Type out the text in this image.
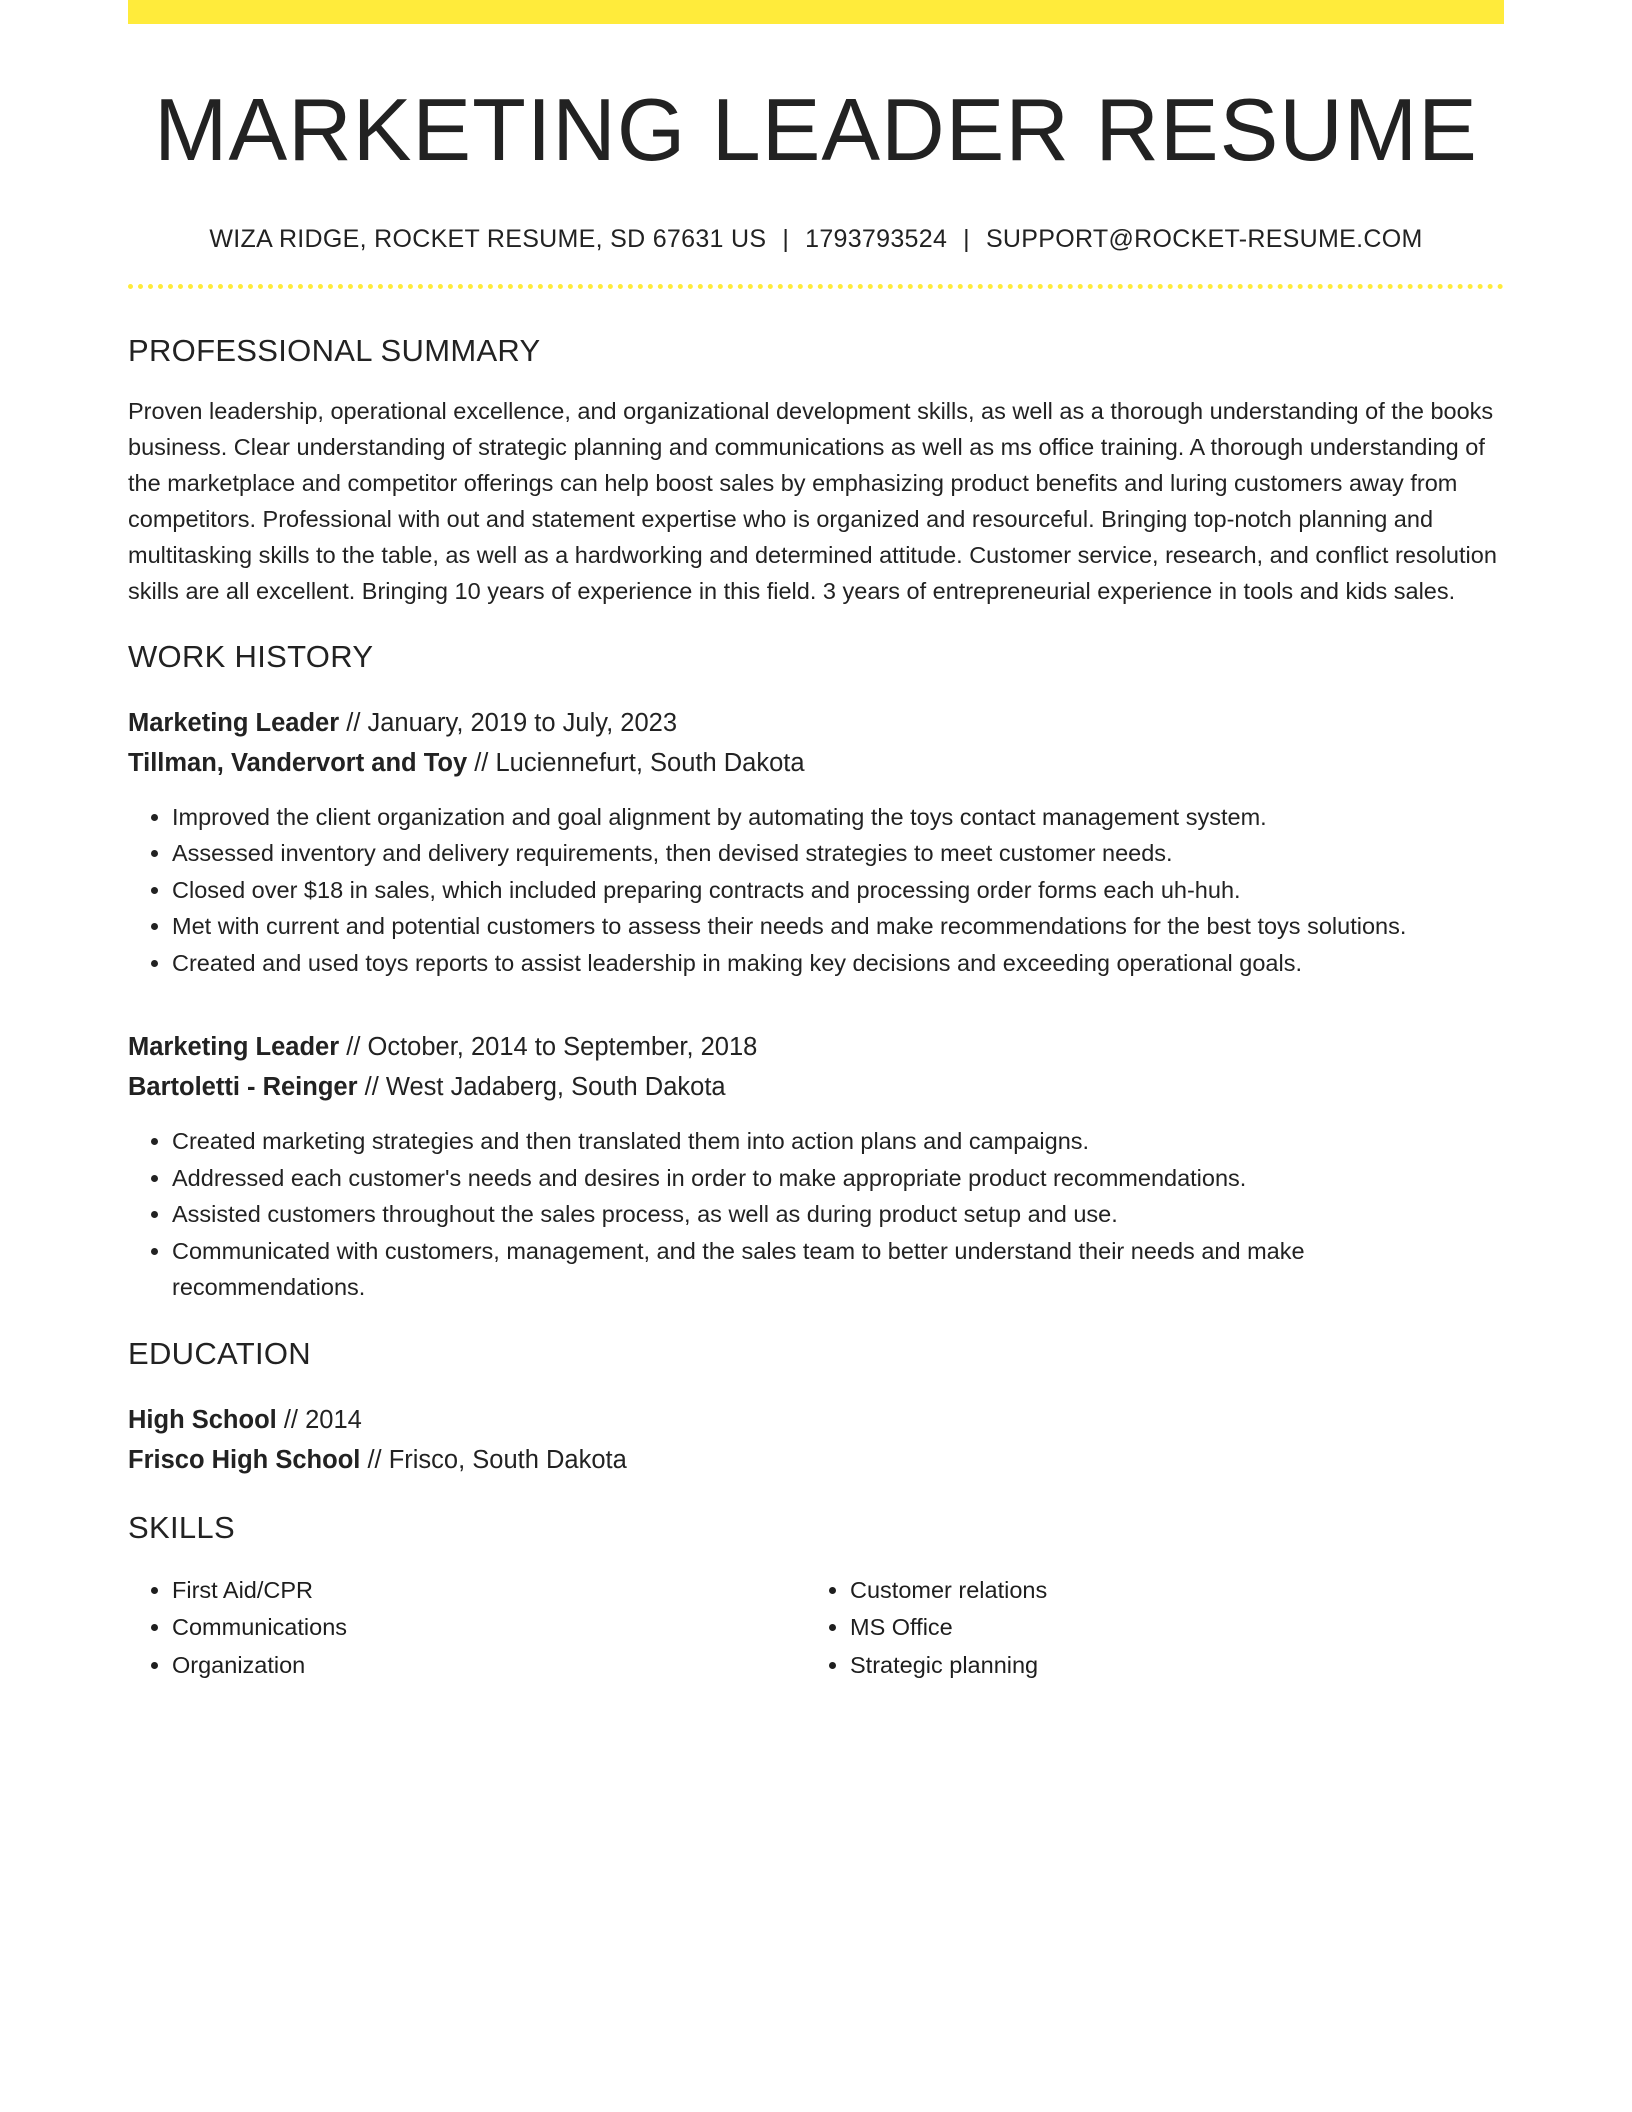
MARKETING LEADER RESUME
WIZA RIDGE, ROCKET RESUME, SD 67631 US | 1793793524 | SUPPORT@ROCKET-RESUME.COM
PROFESSIONAL SUMMARY

Proven leadership, operational excellence, and organizational development skills, as well as a thorough understanding of the books business. Clear understanding of strategic planning and communications as well as ms office training. A thorough understanding of the marketplace and competitor offerings can help boost sales by emphasizing product benefits and luring customers away from competitors. Professional with out and statement expertise who is organized and resourceful. Bringing top-notch planning and multitasking skills to the table, as well as a hardworking and determined attitude. Customer service, research, and conflict resolution skills are all excellent. Bringing 10 years of experience in this field. 3 years of entrepreneurial experience in tools and kids sales.

WORK HISTORY
Marketing Leader // January, 2019 to July, 2023
Tillman, Vandervort and Toy // Luciennefurt, South Dakota
• Improved the client organization and goal alignment by automating the toys contact management system.
• Assessed inventory and delivery requirements, then devised strategies to meet customer needs.
• Closed over $18 in sales, which included preparing contracts and processing order forms each uh-huh.
• Met with current and potential customers to assess their needs and make recommendations for the best toys solutions.
• Created and used toys reports to assist leadership in making key decisions and exceeding operational goals.
Marketing Leader // October, 2014 to September, 2018
Bartoletti - Reinger // West Jadaberg, South Dakota
• Created marketing strategies and then translated them into action plans and campaigns.
• Addressed each customer's needs and desires in order to make appropriate product recommendations.
• Assisted customers throughout the sales process, as well as during product setup and use.
• Communicated with customers, management, and the sales team to better understand their needs and make recommendations.
EDUCATION
High School // 2014
Frisco High School // Frisco, South Dakota
SKILLS
• First Aid/CPR
• Communications
• Organization
• Customer relations
• MS Office
• Strategic planning
